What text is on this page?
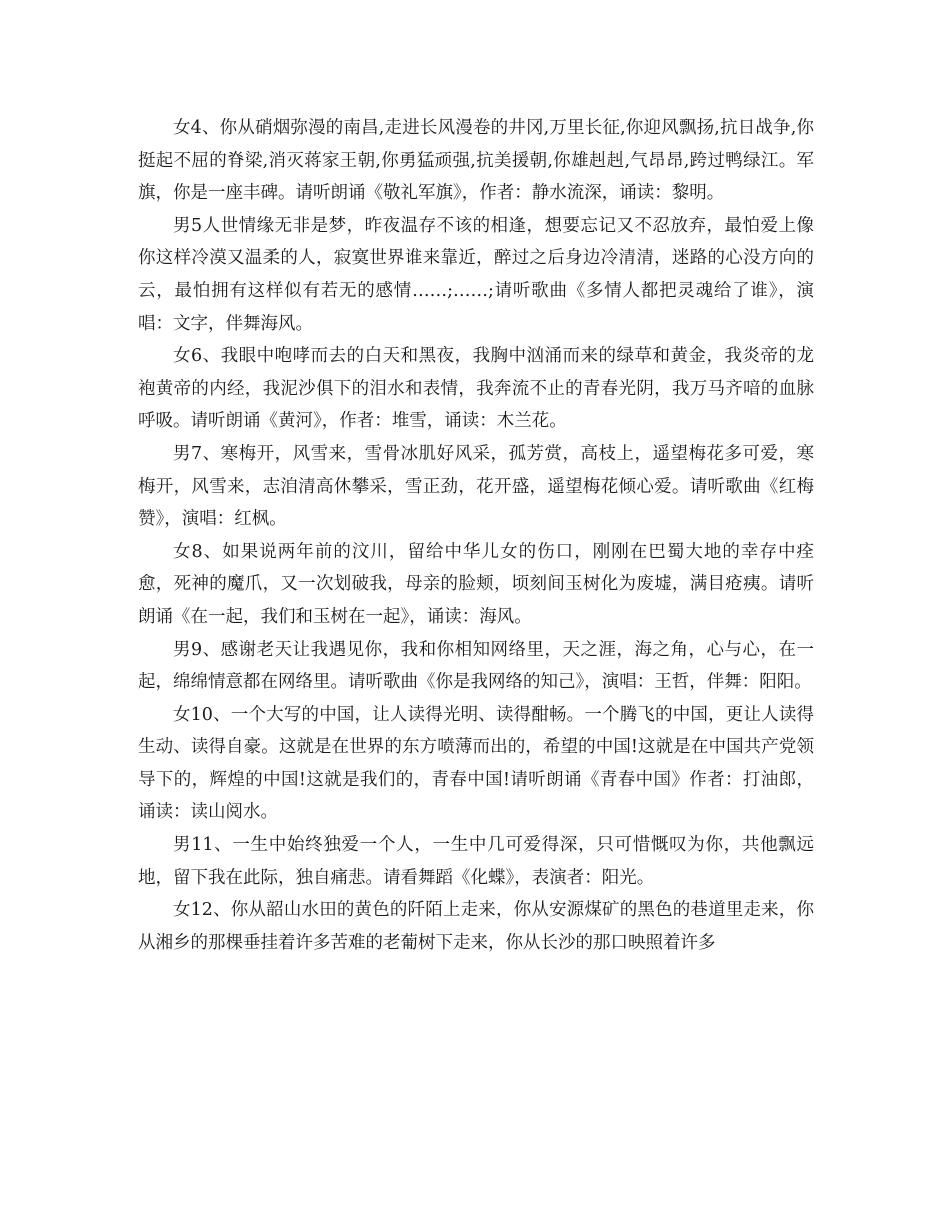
女4、你从硝烟弥漫的南昌,走进长风漫卷的井冈,万里长征,你迎风飘扬,抗日战争,你挺起不屈的脊梁,消灭蒋家王朝,你勇猛顽强,抗美援朝,你雄赳赳,气昂昂,跨过鸭绿江。军旗，你是一座丰碑。请听朗诵《敬礼军旗》，作者：静水流深，诵读：黎明。

男5人世情缘无非是梦，昨夜温存不该的相逢，想要忘记又不忍放弃，最怕爱上像你这样冷漠又温柔的人，寂寞世界谁来靠近，醉过之后身边冷清清，迷路的心没方向的云，最怕拥有这样似有若无的感情……;……;请听歌曲《多情人都把灵魂给了谁》，演唱：文字，伴舞海风。

女6、我眼中咆哮而去的白天和黑夜，我胸中汹涌而来的绿草和黄金，我炎帝的龙袍黄帝的内经，我泥沙俱下的泪水和表情，我奔流不止的青春光阴，我万马齐喑的血脉呼吸。请听朗诵《黄河》，作者：堆雪，诵读：木兰花。

男7、寒梅开，风雪来，雪骨冰肌好风采，孤芳赏，高枝上，遥望梅花多可爱，寒梅开，风雪来，志洎清高休攀采，雪正劲，花开盛，遥望梅花倾心爱。请听歌曲《红梅赞》，演唱：红枫。

女8、如果说两年前的汶川，留给中华儿女的伤口，刚刚在巴蜀大地的幸存中痊愈，死神的魔爪，又一次划破我，母亲的脸颊，顷刻间玉树化为废墟，满目疮痍。请听朗诵《在一起，我们和玉树在一起》，诵读：海风。

男9、感谢老天让我遇见你，我和你相知网络里，天之涯，海之角，心与心，在一起，绵绵情意都在网络里。请听歌曲《你是我网络的知己》，演唱：王哲，伴舞：阳阳。

女10、一个大写的中国，让人读得光明、读得酣畅。一个腾飞的中国，更让人读得生动、读得自豪。这就是在世界的东方喷薄而出的，希望的中国!这就是在中国共产党领导下的，辉煌的中国!这就是我们的，青春中国!请听朗诵《青春中国》作者：打油郎，诵读：读山阅水。

男11、一生中始终独爱一个人，一生中几可爱得深，只可惜慨叹为你，共他飘远地，留下我在此际，独自痛悲。请看舞蹈《化蝶》，表演者：阳光。

女12、你从韶山水田的黄色的阡陌上走来，你从安源煤矿的黑色的巷道里走来，你从湘乡的那棵垂挂着许多苦难的老葡树下走来，你从长沙的那口映照着许多
